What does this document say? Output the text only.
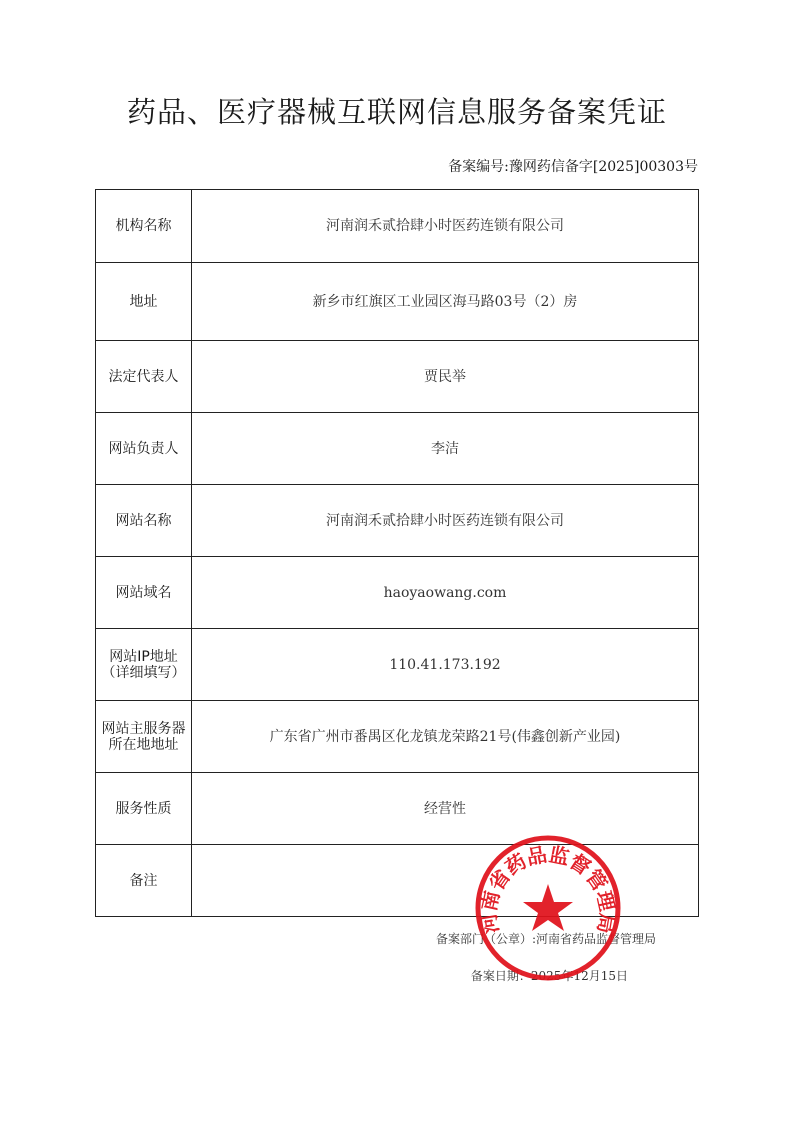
药品、医疗器械互联网信息服务备案凭证
备案编号:豫网药信备字[2025]00303号
机构名称	河南润禾贰拾肆小时医药连锁有限公司
地址	新乡市红旗区工业园区海马路03号（2）房
法定代表人	贾民举
网站负责人	李洁
网站名称	河南润禾贰拾肆小时医药连锁有限公司
网站域名	haoyaowang.com
网站IP地址（详细填写）	110.41.173.192
网站主服务器所在地地址	广东省广州市番禺区化龙镇龙荣路21号(伟鑫创新产业园)
服务性质	经营性
备注	
备案部门（公章）:河南省药品监督管理局
备案日期：2025年12月15日
河南省药品监督管理局
